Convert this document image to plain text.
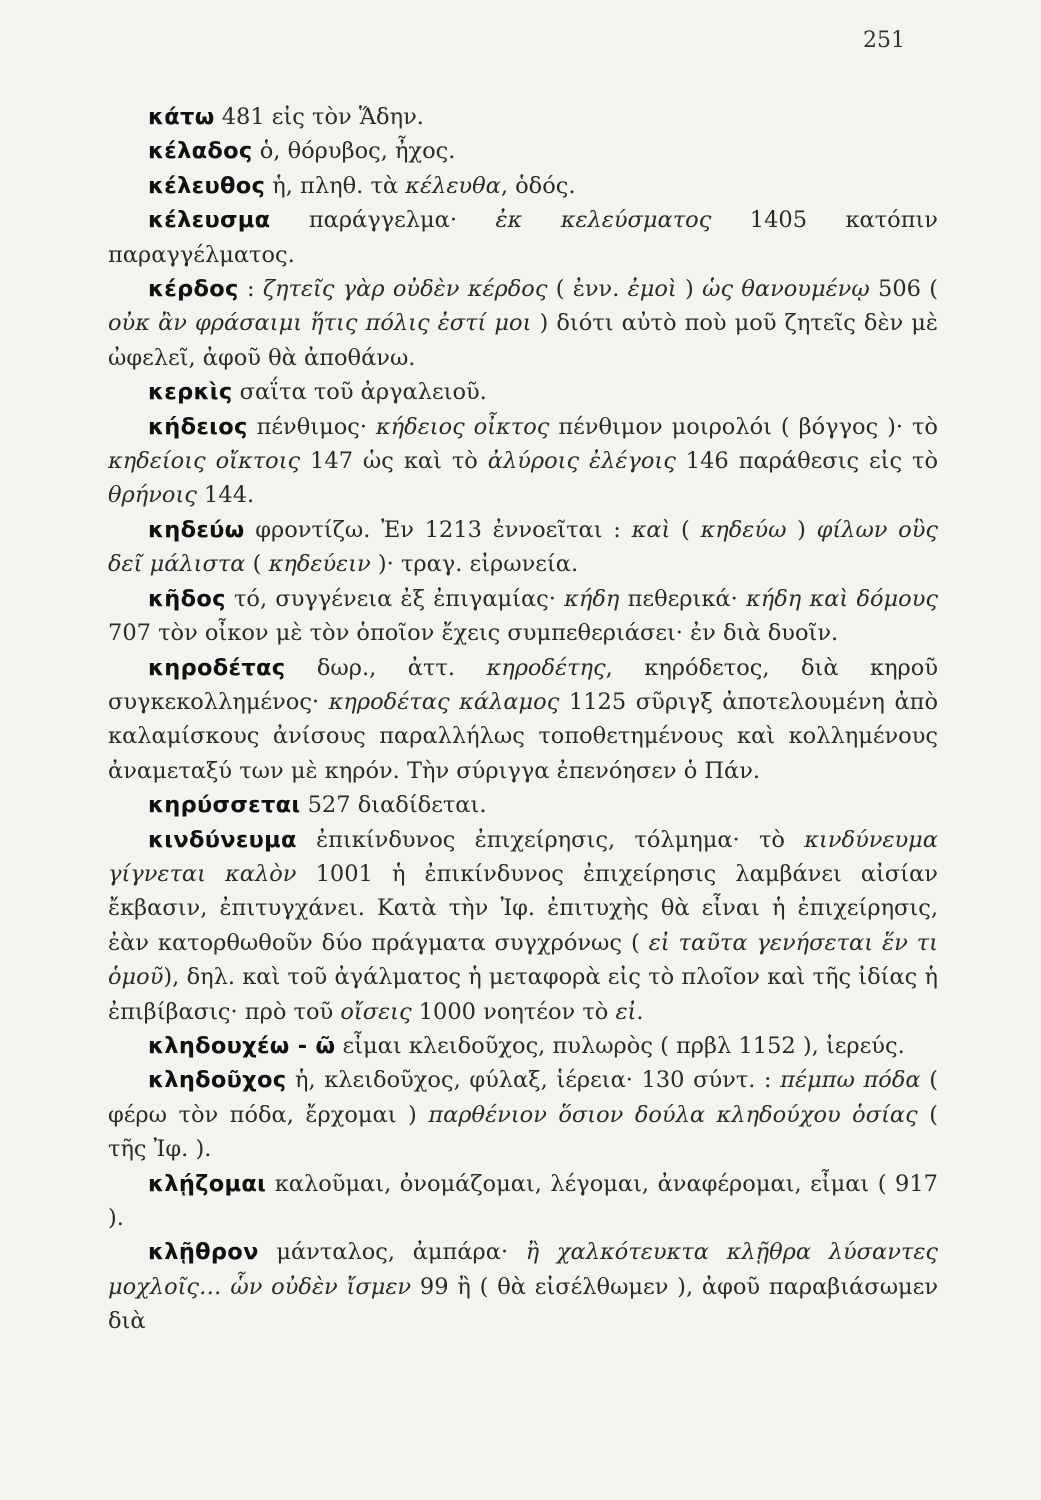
251

κάτω 481 εἰς τὸν Ἅδην.

κέλαδος ὁ, θόρυβος, ἦχος.

κέλευθος ἡ, πληθ. τὰ κέλευθα, ὁδός.

κέλευσμα παράγγελμα· ἐκ κελεύσματος 1405 κατόπιν παραγγέλματος.

κέρδος : ζητεῖς γὰρ οὐδὲν κέρδος ( ἐνν. ἐμοὶ ) ὡς θανουμένῳ 506 ( οὐκ ἂν φράσαιμι ἥτις πόλις ἐστί μοι ) διότι αὐτὸ ποὺ μοῦ ζητεῖς δὲν μὲ ὠφελεῖ, ἀφοῦ θὰ ἀποθάνω.

κερκὶς σαΐτα τοῦ ἀργαλειοῦ.

κήδειος πένθιμος· κήδειος οἶκτος πένθιμον μοιρολόι ( βόγγος )· τὸ κηδείοις οἴκτοις 147 ὡς καὶ τὸ ἀλύροις ἐλέγοις 146 παράθεσις εἰς τὸ θρήνοις 144.

κηδεύω φροντίζω. Ἐν 1213 ἐννοεῖται : καὶ ( κηδεύω ) φίλων οὓς δεῖ μάλιστα ( κηδεύειν )· τραγ. εἰρωνεία.

κῆδος τό, συγγένεια ἐξ ἐπιγαμίας· κήδη πεθερικά· κήδη καὶ δόμους 707 τὸν οἶκον μὲ τὸν ὁποῖον ἔχεις συμπεθεριάσει· ἐν διὰ δυοῖν.

κηροδέτας δωρ., ἀττ. κηροδέτης, κηρόδετος, διὰ κηροῦ συγκεκολλημένος· κηροδέτας κάλαμος 1125 σῦριγξ ἀποτελουμένη ἀπὸ καλαμίσκους ἀνίσους παραλλήλως τοποθετημένους καὶ κολλημένους ἀναμεταξύ των μὲ κηρόν. Τὴν σύριγγα ἐπενόησεν ὁ Πάν.

κηρύσσεται 527 διαδίδεται.

κινδύνευμα ἐπικίνδυνος ἐπιχείρησις, τόλμημα· τὸ κινδύνευμα γίγνεται καλὸν 1001 ἡ ἐπικίνδυνος ἐπιχείρησις λαμβάνει αἰσίαν ἔκβασιν, ἐπιτυγχάνει. Κατὰ τὴν Ἰφ. ἐπιτυχὴς θὰ εἶναι ἡ ἐπιχείρησις, ἐὰν κατορθωθοῦν δύο πράγματα συγχρόνως ( εἰ ταῦτα γενήσεται ἕν τι ὁμοῦ), δηλ. καὶ τοῦ ἀγάλματος ἡ μεταφορὰ εἰς τὸ πλοῖον καὶ τῆς ἰδίας ἡ ἐπιβίβασις· πρὸ τοῦ οἴσεις 1000 νοητέον τὸ εἰ.

κληδουχέω - ῶ εἶμαι κλειδοῦχος, πυλωρὸς ( πρβλ 1152 ), ἱερεύς.

κληδοῦχος ἡ, κλειδοῦχος, φύλαξ, ἱέρεια· 130 σύντ. : πέμπω πόδα ( φέρω τὸν πόδα, ἔρχομαι ) παρθένιον ὅσιον δούλα κληδούχου ὁσίας ( τῆς Ἰφ. ).

κλῄζομαι καλοῦμαι, ὀνομάζομαι, λέγομαι, ἀναφέρομαι, εἶμαι ( 917 ).

κλῇθρον μάνταλος, ἀμπάρα· ἢ χαλκότευκτα κλῇθρα λύσαντες μοχλοῖς… ὧν οὐδὲν ἴσμεν 99 ἢ ( θὰ εἰσέλθωμεν ), ἀφοῦ παραβιάσωμεν διὰ
